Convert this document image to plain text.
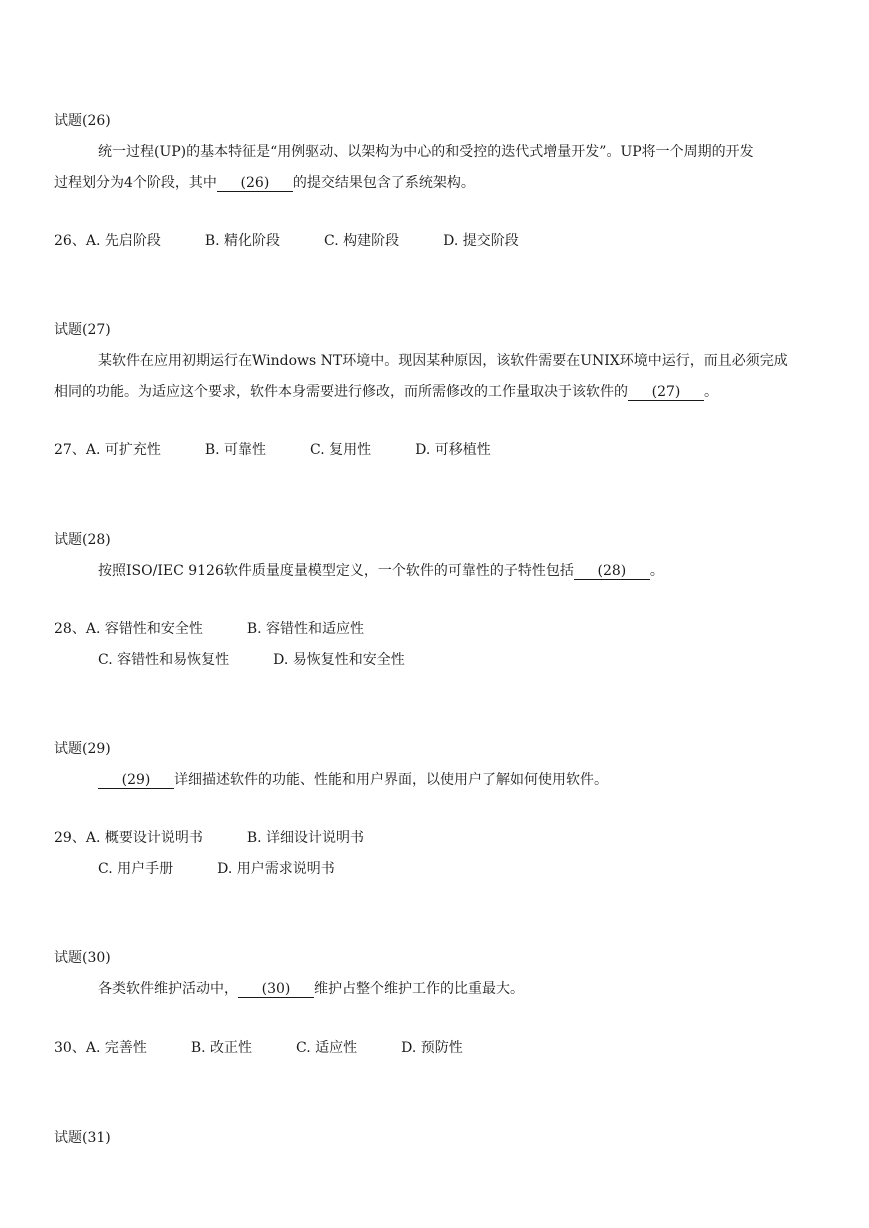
试题(26)
统一过程(UP)的基本特征是“用例驱动、以架构为中心的和受控的迭代式增量开发”。UP将一个周期的开发
过程划分为4个阶段，其中 (26) 的提交结果包含了系统架构。
26、A. 先启阶段	B. 精化阶段	C. 构建阶段	D. 提交阶段
试题(27)
某软件在应用初期运行在Windows NT环境中。现因某种原因，该软件需要在UNIX环境中运行，而且必须完成
相同的功能。为适应这个要求，软件本身需要进行修改，而所需修改的工作量取决于该软件的 (27) 。
27、A. 可扩充性	B. 可靠性	C. 复用性	D. 可移植性
试题(28)
按照ISO/IEC 9126软件质量度量模型定义，一个软件的可靠性的子特性包括 (28) 。
28、A. 容错性和安全性	B. 容错性和适应性
C. 容错性和易恢复性	D. 易恢复性和安全性
试题(29)
(29) 详细描述软件的功能、性能和用户界面，以使用户了解如何使用软件。
29、A. 概要设计说明书	B. 详细设计说明书
C. 用户手册	D. 用户需求说明书
试题(30)
各类软件维护活动中， (30) 维护占整个维护工作的比重最大。
30、A. 完善性	B. 改正性	C. 适应性	D. 预防性
试题(31)
